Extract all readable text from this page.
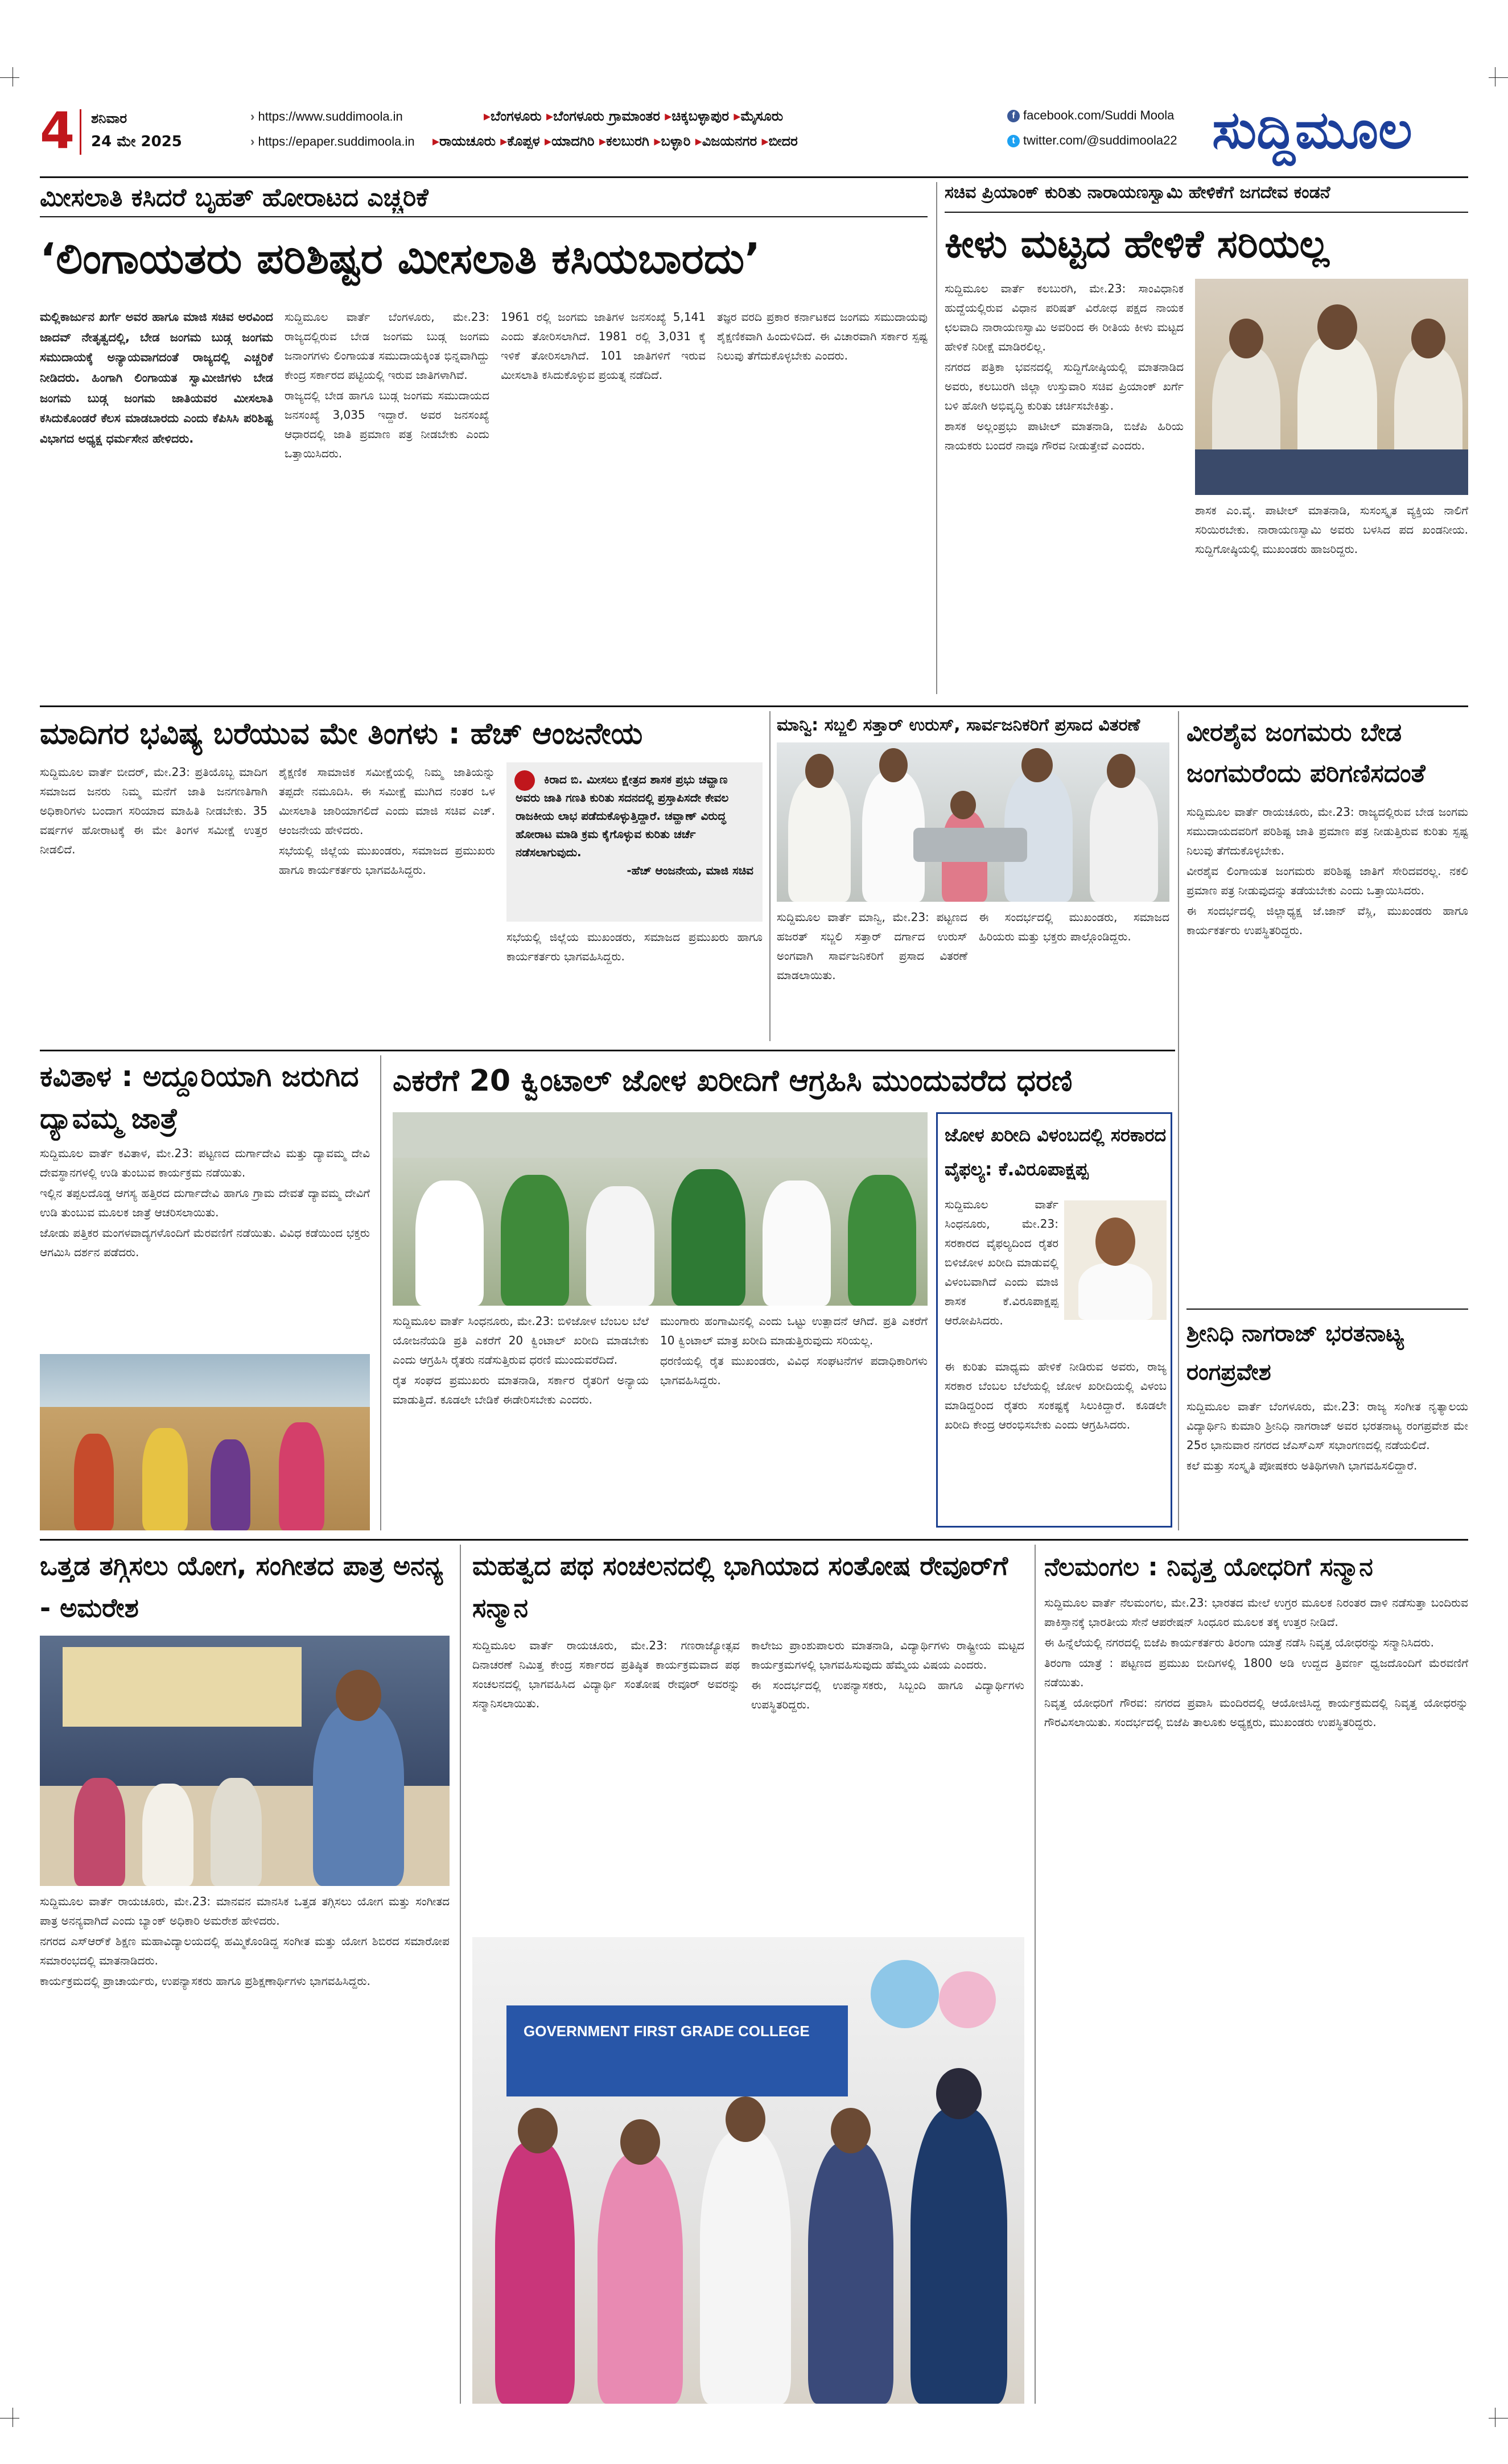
4 ಶನಿವಾರ
24 ಮೇ 2025
› https://www.suddimoola.in
› https://epaper.suddimoola.in
▸ಬೆಂಗಳೂರು ▸ಬೆಂಗಳೂರು ಗ್ರಾಮಾಂತರ ▸ಚಿಕ್ಕಬಳ್ಳಾಪುರ ▸ಮೈಸೂರು
▸ರಾಯಚೂರು ▸ಕೊಪ್ಪಳ ▸ಯಾದಗಿರಿ ▸ಕಲಬುರಗಿ ▸ಬಳ್ಳಾರಿ ▸ವಿಜಯನಗರ ▸ಬೀದರ
f facebook.com/Suddi Moola
t twitter.com/@suddimoola22 ಸುದ್ದಿಮೂಲ
ಮೀಸಲಾತಿ ಕಸಿದರೆ ಬೃಹತ್ ಹೋರಾಟದ ಎಚ್ಚರಿಕೆ
‘ಲಿಂಗಾಯತರು ಪರಿಶಿಷ್ಟರ ಮೀಸಲಾತಿ ಕಸಿಯಬಾರದು’

ಮಲ್ಲಿಕಾರ್ಜುನ ಖರ್ಗೆ ಅವರ ಹಾಗೂ ಮಾಜಿ ಸಚಿವ ಅರವಿಂದ ಜಾದವ್ ನೇತೃತ್ವದಲ್ಲಿ, ಬೇಡ ಜಂಗಮ ಬುಡ್ಗ ಜಂಗಮ ಸಮುದಾಯಕ್ಕೆ ಅನ್ಯಾಯವಾಗದಂತೆ ರಾಜ್ಯದಲ್ಲಿ ಎಚ್ಚರಿಕೆ ನೀಡಿದರು. ಹಿಂಗಾಗಿ ಲಿಂಗಾಯತ ಸ್ವಾಮೀಜಿಗಳು ಬೇಡ ಜಂಗಮ ಬುಡ್ಗ ಜಂಗಮ ಜಾತಿಯವರ ಮೀಸಲಾತಿ ಕಸಿದುಕೊಂಡರೆ ಕೆಲಸ ಮಾಡಬಾರದು ಎಂದು ಕೆಪಿಸಿಸಿ ಪರಿಶಿಷ್ಟ ವಿಭಾಗದ ಅಧ್ಯಕ್ಷ ಧರ್ಮಸೇನ ಹೇಳಿದರು.

ಸುದ್ದಿಮೂಲ ವಾರ್ತೆ ಬೆಂಗಳೂರು, ಮೇ.23: ರಾಜ್ಯದಲ್ಲಿರುವ ಬೇಡ ಜಂಗಮ ಬುಡ್ಗ ಜಂಗಮ ಜನಾಂಗಗಳು ಲಿಂಗಾಯತ ಸಮುದಾಯಕ್ಕಿಂತ ಭಿನ್ನವಾಗಿದ್ದು ಕೇಂದ್ರ ಸರ್ಕಾರದ ಪಟ್ಟಿಯಲ್ಲಿ ಇರುವ ಜಾತಿಗಳಾಗಿವೆ.

ರಾಜ್ಯದಲ್ಲಿ ಬೇಡ ಹಾಗೂ ಬುಡ್ಗ ಜಂಗಮ ಸಮುದಾಯದ ಜನಸಂಖ್ಯೆ 3,035 ಇದ್ದಾರೆ. ಅವರ ಜನಸಂಖ್ಯೆ ಆಧಾರದಲ್ಲಿ ಜಾತಿ ಪ್ರಮಾಣ ಪತ್ರ ನೀಡಬೇಕು ಎಂದು ಒತ್ತಾಯಿಸಿದರು.

1961 ರಲ್ಲಿ ಜಂಗಮ ಜಾತಿಗಳ ಜನಸಂಖ್ಯೆ 5,141 ಎಂದು ತೋರಿಸಲಾಗಿದೆ. 1981 ರಲ್ಲಿ 3,031 ಕ್ಕೆ ಇಳಿಕೆ ತೋರಿಸಲಾಗಿದೆ. 101 ಜಾತಿಗಳಿಗೆ ಇರುವ ಮೀಸಲಾತಿ ಕಸಿದುಕೊಳ್ಳುವ ಪ್ರಯತ್ನ ನಡೆದಿದೆ.

ತಜ್ಞರ ವರದಿ ಪ್ರಕಾರ ಕರ್ನಾಟಕದ ಜಂಗಮ ಸಮುದಾಯವು ಶೈಕ್ಷಣಿಕವಾಗಿ ಹಿಂದುಳಿದಿದೆ. ಈ ವಿಚಾರವಾಗಿ ಸರ್ಕಾರ ಸ್ಪಷ್ಟ ನಿಲುವು ತೆಗೆದುಕೊಳ್ಳಬೇಕು ಎಂದರು.

ಸಚಿವ ಪ್ರಿಯಾಂಕ್ ಕುರಿತು ನಾರಾಯಣಸ್ವಾಮಿ ಹೇಳಿಕೆಗೆ ಜಗದೇವ ಕಂಡನೆ
ಕೀಳು ಮಟ್ಟದ ಹೇಳಿಕೆ ಸರಿಯಲ್ಲ

ಸುದ್ದಿಮೂಲ ವಾರ್ತೆ ಕಲಬುರಗಿ, ಮೇ.23: ಸಾಂವಿಧಾನಿಕ ಹುದ್ದೆಯಲ್ಲಿರುವ ವಿಧಾನ ಪರಿಷತ್ ವಿರೋಧ ಪಕ್ಷದ ನಾಯಕ ಛಲವಾದಿ ನಾರಾಯಣಸ್ವಾಮಿ ಅವರಿಂದ ಈ ರೀತಿಯ ಕೀಳು ಮಟ್ಟದ ಹೇಳಿಕೆ ನಿರೀಕ್ಷೆ ಮಾಡಿರಲಿಲ್ಲ.

ನಗರದ ಪತ್ರಿಕಾ ಭವನದಲ್ಲಿ ಸುದ್ದಿಗೋಷ್ಠಿಯಲ್ಲಿ ಮಾತನಾಡಿದ ಅವರು, ಕಲಬುರಗಿ ಜಿಲ್ಲಾ ಉಸ್ತುವಾರಿ ಸಚಿವ ಪ್ರಿಯಾಂಕ್ ಖರ್ಗೆ ಬಳಿ ಹೋಗಿ ಅಭಿವೃದ್ಧಿ ಕುರಿತು ಚರ್ಚಿಸಬೇಕಿತ್ತು.

ಶಾಸಕ ಅಲ್ಲಂಪ್ರಭು ಪಾಟೀಲ್ ಮಾತನಾಡಿ, ಬಿಜೆಪಿ ಹಿರಿಯ ನಾಯಕರು ಬಂದರೆ ನಾವೂ ಗೌರವ ನೀಡುತ್ತೇವೆ ಎಂದರು.

ಶಾಸಕ ಎಂ.ವೈ. ಪಾಟೀಲ್ ಮಾತನಾಡಿ, ಸುಸಂಸ್ಕೃತ ವ್ಯಕ್ತಿಯ ನಾಲಿಗೆ ಸರಿಯಿರಬೇಕು. ನಾರಾಯಣಸ್ವಾಮಿ ಅವರು ಬಳಸಿದ ಪದ ಖಂಡನೀಯ. ಸುದ್ದಿಗೋಷ್ಠಿಯಲ್ಲಿ ಮುಖಂಡರು ಹಾಜರಿದ್ದರು.

ಮಾದಿಗರ ಭವಿಷ್ಯ ಬರೆಯುವ ಮೇ ತಿಂಗಳು : ಹೆಚ್ ಆಂಜನೇಯ

ಸುದ್ದಿಮೂಲ ವಾರ್ತೆ ಬೀದರ್, ಮೇ.23: ಪ್ರತಿಯೊಬ್ಬ ಮಾದಿಗ ಸಮಾಜದ ಜನರು ನಿಮ್ಮ ಮನೆಗೆ ಜಾತಿ ಜನಗಣತಿಗಾಗಿ ಅಧಿಕಾರಿಗಳು ಬಂದಾಗ ಸರಿಯಾದ ಮಾಹಿತಿ ನೀಡಬೇಕು. 35 ವರ್ಷಗಳ ಹೋರಾಟಕ್ಕೆ ಈ ಮೇ ತಿಂಗಳ ಸಮೀಕ್ಷೆ ಉತ್ತರ ನೀಡಲಿದೆ.

ಶೈಕ್ಷಣಿಕ ಸಾಮಾಜಿಕ ಸಮೀಕ್ಷೆಯಲ್ಲಿ ನಿಮ್ಮ ಜಾತಿಯನ್ನು ತಪ್ಪದೇ ನಮೂದಿಸಿ. ಈ ಸಮೀಕ್ಷೆ ಮುಗಿದ ನಂತರ ಒಳ ಮೀಸಲಾತಿ ಜಾರಿಯಾಗಲಿದೆ ಎಂದು ಮಾಜಿ ಸಚಿವ ಎಚ್. ಆಂಜನೇಯ ಹೇಳಿದರು.

ಸಭೆಯಲ್ಲಿ ಜಿಲ್ಲೆಯ ಮುಖಂಡರು, ಸಮಾಜದ ಪ್ರಮುಖರು ಹಾಗೂ ಕಾರ್ಯಕರ್ತರು ಭಾಗವಹಿಸಿದ್ದರು.

ಕಿರಾದ ಬಿ. ಮೀಸಲು ಕ್ಷೇತ್ರದ ಶಾಸಕ ಪ್ರಭು ಚವ್ಹಾಣ ಅವರು ಜಾತಿ ಗಣತಿ ಕುರಿತು ಸದನದಲ್ಲಿ ಪ್ರಸ್ತಾಪಿಸದೇ ಕೇವಲ ರಾಜಕೀಯ ಲಾಭ ಪಡೆದುಕೊಳ್ಳುತ್ತಿದ್ದಾರೆ. ಚವ್ಹಾಣ್ ವಿರುದ್ಧ ಹೋರಾಟ ಮಾಡಿ ಕ್ರಮ ಕೈಗೊಳ್ಳುವ ಕುರಿತು ಚರ್ಚೆ ನಡೆಸಲಾಗುವುದು.

-ಹೆಚ್ ಆಂಜನೇಯ, ಮಾಜಿ ಸಚಿವ

ಸಭೆಯಲ್ಲಿ ಜಿಲ್ಲೆಯ ಮುಖಂಡರು, ಸಮಾಜದ ಪ್ರಮುಖರು ಹಾಗೂ ಕಾರ್ಯಕರ್ತರು ಭಾಗವಹಿಸಿದ್ದರು.

ಮಾನ್ವಿ: ಸಬ್ಜಲಿ ಸತ್ತಾರ್ ಉರುಸ್, ಸಾರ್ವಜನಿಕರಿಗೆ ಪ್ರಸಾದ ವಿತರಣೆ

ಸುದ್ದಿಮೂಲ ವಾರ್ತೆ ಮಾನ್ವಿ, ಮೇ.23: ಪಟ್ಟಣದ ಹಜರತ್ ಸಬ್ಜಲಿ ಸತ್ತಾರ್ ದರ್ಗಾದ ಉರುಸ್ ಅಂಗವಾಗಿ ಸಾರ್ವಜನಿಕರಿಗೆ ಪ್ರಸಾದ ವಿತರಣೆ ಮಾಡಲಾಯಿತು.

ಈ ಸಂದರ್ಭದಲ್ಲಿ ಮುಖಂಡರು, ಸಮಾಜದ ಹಿರಿಯರು ಮತ್ತು ಭಕ್ತರು ಪಾಲ್ಗೊಂಡಿದ್ದರು.

ವೀರಶೈವ ಜಂಗಮರು ಬೇಡ ಜಂಗಮರೆಂದು ಪರಿಗಣಿಸದಂತೆ

ಸುದ್ದಿಮೂಲ ವಾರ್ತೆ ರಾಯಚೂರು, ಮೇ.23: ರಾಜ್ಯದಲ್ಲಿರುವ ಬೇಡ ಜಂಗಮ ಸಮುದಾಯದವರಿಗೆ ಪರಿಶಿಷ್ಟ ಜಾತಿ ಪ್ರಮಾಣ ಪತ್ರ ನೀಡುತ್ತಿರುವ ಕುರಿತು ಸ್ಪಷ್ಟ ನಿಲುವು ತೆಗೆದುಕೊಳ್ಳಬೇಕು.

ವೀರಶೈವ ಲಿಂಗಾಯತ ಜಂಗಮರು ಪರಿಶಿಷ್ಟ ಜಾತಿಗೆ ಸೇರಿದವರಲ್ಲ. ನಕಲಿ ಪ್ರಮಾಣ ಪತ್ರ ನೀಡುವುದನ್ನು ತಡೆಯಬೇಕು ಎಂದು ಒತ್ತಾಯಿಸಿದರು.

ಈ ಸಂದರ್ಭದಲ್ಲಿ ಜಿಲ್ಲಾಧ್ಯಕ್ಷ ಜೆ.ಜಾನ್ ವೆಸ್ಲಿ, ಮುಖಂಡರು ಹಾಗೂ ಕಾರ್ಯಕರ್ತರು ಉಪಸ್ಥಿತರಿದ್ದರು.

ಕವಿತಾಳ : ಅದ್ದೂರಿಯಾಗಿ ಜರುಗಿದ ದ್ಯಾವಮ್ಮ ಜಾತ್ರೆ

ಸುದ್ದಿಮೂಲ ವಾರ್ತೆ ಕವಿತಾಳ, ಮೇ.23: ಪಟ್ಟಣದ ದುರ್ಗಾದೇವಿ ಮತ್ತು ದ್ಯಾವಮ್ಮ ದೇವಿ ದೇವಸ್ಥಾನಗಳಲ್ಲಿ ಉಡಿ ತುಂಬುವ ಕಾರ್ಯಕ್ರಮ ನಡೆಯಿತು.

ಇಲ್ಲಿನ ತಪ್ಪಲದೊಡ್ಡ ಆಗಸ್ಯ ಹತ್ತಿರದ ದುರ್ಗಾದೇವಿ ಹಾಗೂ ಗ್ರಾಮ ದೇವತೆ ದ್ಯಾವಮ್ಮ ದೇವಿಗೆ ಉಡಿ ತುಂಬುವ ಮೂಲಕ ಜಾತ್ರೆ ಆಚರಿಸಲಾಯಿತು.

ಜೋಡು ಪತ್ತಿಕರ ಮಂಗಳವಾದ್ಯಗಳೊಂದಿಗೆ ಮೆರವಣಿಗೆ ನಡೆಯಿತು. ವಿವಿಧ ಕಡೆಯಿಂದ ಭಕ್ತರು ಆಗಮಿಸಿ ದರ್ಶನ ಪಡೆದರು.

ಎಕರೆಗೆ 20 ಕ್ವಿಂಟಾಲ್ ಜೋಳ ಖರೀದಿಗೆ ಆಗ್ರಹಿಸಿ ಮುಂದುವರೆದ ಧರಣಿ

ಸುದ್ದಿಮೂಲ ವಾರ್ತೆ ಸಿಂಧನೂರು, ಮೇ.23: ಬಿಳಿಜೋಳ ಬೆಂಬಲ ಬೆಲೆ ಯೋಜನೆಯಡಿ ಪ್ರತಿ ಎಕರೆಗೆ 20 ಕ್ವಿಂಟಾಲ್ ಖರೀದಿ ಮಾಡಬೇಕು ಎಂದು ಆಗ್ರಹಿಸಿ ರೈತರು ನಡೆಸುತ್ತಿರುವ ಧರಣಿ ಮುಂದುವರೆದಿದೆ.

ರೈತ ಸಂಘದ ಪ್ರಮುಖರು ಮಾತನಾಡಿ, ಸರ್ಕಾರ ರೈತರಿಗೆ ಅನ್ಯಾಯ ಮಾಡುತ್ತಿದೆ. ಕೂಡಲೇ ಬೇಡಿಕೆ ಈಡೇರಿಸಬೇಕು ಎಂದರು.

ಮುಂಗಾರು ಹಂಗಾಮಿನಲ್ಲಿ ಎಂದು ಒಟ್ಟು ಉತ್ಪಾದನೆ ಆಗಿದೆ. ಪ್ರತಿ ಎಕರೆಗೆ 10 ಕ್ವಿಂಟಾಲ್ ಮಾತ್ರ ಖರೀದಿ ಮಾಡುತ್ತಿರುವುದು ಸರಿಯಲ್ಲ.

ಧರಣಿಯಲ್ಲಿ ರೈತ ಮುಖಂಡರು, ವಿವಿಧ ಸಂಘಟನೆಗಳ ಪದಾಧಿಕಾರಿಗಳು ಭಾಗವಹಿಸಿದ್ದರು.

ಜೋಳ ಖರೀದಿ ವಿಳಂಬದಲ್ಲಿ ಸರಕಾರದ ವೈಫಲ್ಯ: ಕೆ.ವಿರೂಪಾಕ್ಷಪ್ಪ

ಸುದ್ದಿಮೂಲ ವಾರ್ತೆ ಸಿಂಧನೂರು, ಮೇ.23: ಸರಕಾರದ ವೈಫಲ್ಯದಿಂದ ರೈತರ ಬಿಳಿಜೋಳ ಖರೀದಿ ಮಾಡುವಲ್ಲಿ ವಿಳಂಬವಾಗಿದೆ ಎಂದು ಮಾಜಿ ಶಾಸಕ ಕೆ.ವಿರೂಪಾಕ್ಷಪ್ಪ ಆರೋಪಿಸಿದರು.

ಈ ಕುರಿತು ಮಾಧ್ಯಮ ಹೇಳಿಕೆ ನೀಡಿರುವ ಅವರು, ರಾಜ್ಯ ಸರಕಾರ ಬೆಂಬಲ ಬೆಲೆಯಲ್ಲಿ ಜೋಳ ಖರೀದಿಯಲ್ಲಿ ವಿಳಂಬ ಮಾಡಿದ್ದರಿಂದ ರೈತರು ಸಂಕಷ್ಟಕ್ಕೆ ಸಿಲುಕಿದ್ದಾರೆ. ಕೂಡಲೇ ಖರೀದಿ ಕೇಂದ್ರ ಆರಂಭಿಸಬೇಕು ಎಂದು ಆಗ್ರಹಿಸಿದರು.

ಶ್ರೀನಿಧಿ ನಾಗರಾಜ್ ಭರತನಾಟ್ಯ ರಂಗಪ್ರವೇಶ

ಸುದ್ದಿಮೂಲ ವಾರ್ತೆ ಬೆಂಗಳೂರು, ಮೇ.23: ರಾಜ್ಯ ಸಂಗೀತ ನೃತ್ಯಾಲಯ ವಿದ್ಯಾರ್ಥಿನಿ ಕುಮಾರಿ ಶ್ರೀನಿಧಿ ನಾಗರಾಜ್ ಅವರ ಭರತನಾಟ್ಯ ರಂಗಪ್ರವೇಶ ಮೇ 25ರ ಭಾನುವಾರ ನಗರದ ಜೆಎಸ್ಎಸ್ ಸಭಾಂಗಣದಲ್ಲಿ ನಡೆಯಲಿದೆ.

ಕಲೆ ಮತ್ತು ಸಂಸ್ಕೃತಿ ಪೋಷಕರು ಅತಿಥಿಗಳಾಗಿ ಭಾಗವಹಿಸಲಿದ್ದಾರೆ.

ಒತ್ತಡ ತಗ್ಗಿಸಲು ಯೋಗ, ಸಂಗೀತದ ಪಾತ್ರ ಅನನ್ಯ - ಅಮರೇಶ

ಸುದ್ದಿಮೂಲ ವಾರ್ತೆ ರಾಯಚೂರು, ಮೇ.23: ಮಾನವನ ಮಾನಸಿಕ ಒತ್ತಡ ತಗ್ಗಿಸಲು ಯೋಗ ಮತ್ತು ಸಂಗೀತದ ಪಾತ್ರ ಅನನ್ಯವಾಗಿದೆ ಎಂದು ಬ್ಯಾಂಕ್ ಅಧಿಕಾರಿ ಅಮರೇಶ ಹೇಳಿದರು.

ನಗರದ ಎಸ್‌ಆರ್‌ಕೆ ಶಿಕ್ಷಣ ಮಹಾವಿದ್ಯಾಲಯದಲ್ಲಿ ಹಮ್ಮಿಕೊಂಡಿದ್ದ ಸಂಗೀತ ಮತ್ತು ಯೋಗ ಶಿಬಿರದ ಸಮಾರೋಪ ಸಮಾರಂಭದಲ್ಲಿ ಮಾತನಾಡಿದರು.

ಕಾರ್ಯಕ್ರಮದಲ್ಲಿ ಪ್ರಾಚಾರ್ಯರು, ಉಪನ್ಯಾಸಕರು ಹಾಗೂ ಪ್ರಶಿಕ್ಷಣಾರ್ಥಿಗಳು ಭಾಗವಹಿಸಿದ್ದರು.

ಮಹತ್ವದ ಪಥ ಸಂಚಲನದಲ್ಲಿ ಭಾಗಿಯಾದ ಸಂತೋಷ ರೇವೂರ್‌ಗೆ ಸನ್ಮಾನ

ಸುದ್ದಿಮೂಲ ವಾರ್ತೆ ರಾಯಚೂರು, ಮೇ.23: ಗಣರಾಜ್ಯೋತ್ಸವ ದಿನಾಚರಣೆ ನಿಮಿತ್ತ ಕೇಂದ್ರ ಸರ್ಕಾರದ ಪ್ರತಿಷ್ಠಿತ ಕಾರ್ಯಕ್ರಮವಾದ ಪಥ ಸಂಚಲನದಲ್ಲಿ ಭಾಗವಹಿಸಿದ ವಿದ್ಯಾರ್ಥಿ ಸಂತೋಷ ರೇವೂರ್ ಅವರನ್ನು ಸನ್ಮಾನಿಸಲಾಯಿತು.

ಕಾಲೇಜು ಪ್ರಾಂಶುಪಾಲರು ಮಾತನಾಡಿ, ವಿದ್ಯಾರ್ಥಿಗಳು ರಾಷ್ಟ್ರೀಯ ಮಟ್ಟದ ಕಾರ್ಯಕ್ರಮಗಳಲ್ಲಿ ಭಾಗವಹಿಸುವುದು ಹೆಮ್ಮೆಯ ವಿಷಯ ಎಂದರು.

ಈ ಸಂದರ್ಭದಲ್ಲಿ ಉಪನ್ಯಾಸಕರು, ಸಿಬ್ಬಂದಿ ಹಾಗೂ ವಿದ್ಯಾರ್ಥಿಗಳು ಉಪಸ್ಥಿತರಿದ್ದರು.

GOVERNMENT FIRST GRADE COLLEGE
ನೆಲಮಂಗಲ : ನಿವೃತ್ತ ಯೋಧರಿಗೆ ಸನ್ಮಾನ

ಸುದ್ದಿಮೂಲ ವಾರ್ತೆ ನೆಲಮಂಗಲ, ಮೇ.23: ಭಾರತದ ಮೇಲೆ ಉಗ್ರರ ಮೂಲಕ ನಿರಂತರ ದಾಳಿ ನಡೆಸುತ್ತಾ ಬಂದಿರುವ ಪಾಕಿಸ್ತಾನಕ್ಕೆ ಭಾರತೀಯ ಸೇನೆ ಆಪರೇಷನ್ ಸಿಂಧೂರ ಮೂಲಕ ತಕ್ಕ ಉತ್ತರ ನೀಡಿದೆ.

ಈ ಹಿನ್ನೆಲೆಯಲ್ಲಿ ನಗರದಲ್ಲಿ ಬಿಜೆಪಿ ಕಾರ್ಯಕರ್ತರು ತಿರಂಗಾ ಯಾತ್ರೆ ನಡೆಸಿ ನಿವೃತ್ತ ಯೋಧರನ್ನು ಸನ್ಮಾನಿಸಿದರು.

ತಿರಂಗಾ ಯಾತ್ರೆ : ಪಟ್ಟಣದ ಪ್ರಮುಖ ಬೀದಿಗಳಲ್ಲಿ 1800 ಅಡಿ ಉದ್ದದ ತ್ರಿವರ್ಣ ಧ್ವಜದೊಂದಿಗೆ ಮೆರವಣಿಗೆ ನಡೆಯಿತು.

ನಿವೃತ್ತ ಯೋಧರಿಗೆ ಗೌರವ: ನಗರದ ಪ್ರವಾಸಿ ಮಂದಿರದಲ್ಲಿ ಆಯೋಜಿಸಿದ್ದ ಕಾರ್ಯಕ್ರಮದಲ್ಲಿ ನಿವೃತ್ತ ಯೋಧರನ್ನು ಗೌರವಿಸಲಾಯಿತು. ಸಂದರ್ಭದಲ್ಲಿ ಬಿಜೆಪಿ ತಾಲೂಕು ಅಧ್ಯಕ್ಷರು, ಮುಖಂಡರು ಉಪಸ್ಥಿತರಿದ್ದರು.
